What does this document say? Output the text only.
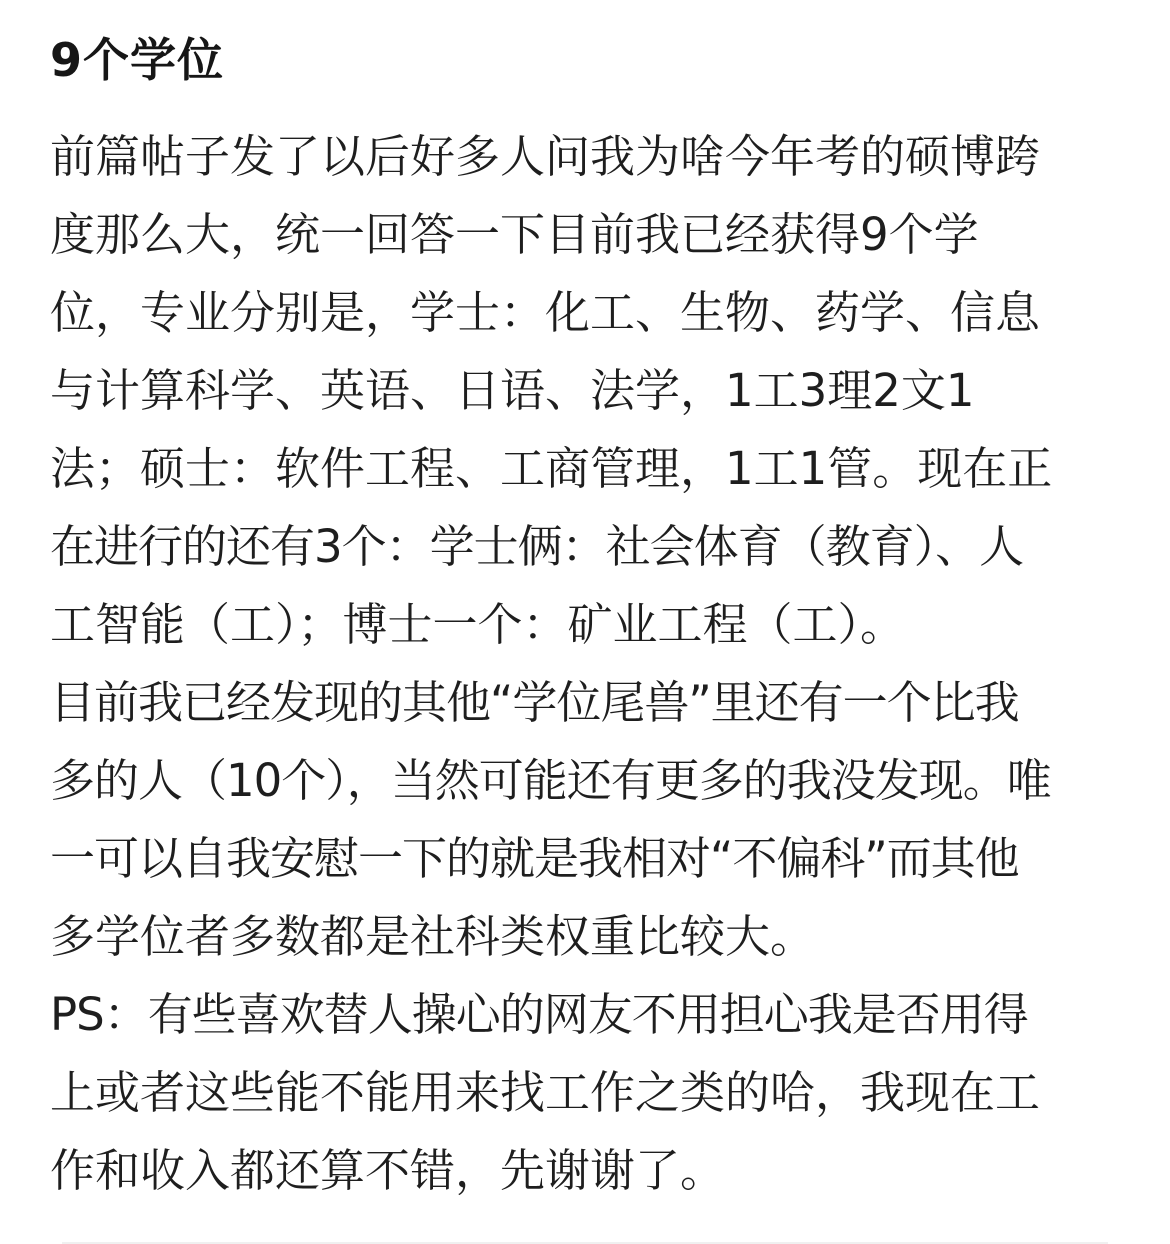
9个学位
前篇帖子发了以后好多人问我为啥今年考的硕博跨
度那么大，统一回答一下目前我已经获得9个学
位，专业分别是，学士：化工、生物、药学、信息
与计算科学、英语、日语、法学，1工3理2文1
法；硕士：软件工程、工商管理，1工1管。现在正
在进行的还有3个：学士俩：社会体育（教育）、人
工智能（工）；博士一个：矿业工程（工）。
目前我已经发现的其他“学位尾兽”里还有一个比我
多的人（10个），当然可能还有更多的我没发现。唯
一可以自我安慰一下的就是我相对“不偏科”而其他
多学位者多数都是社科类权重比较大。
PS：有些喜欢替人操心的网友不用担心我是否用得
上或者这些能不能用来找工作之类的哈，我现在工
作和收入都还算不错，先谢谢了。
